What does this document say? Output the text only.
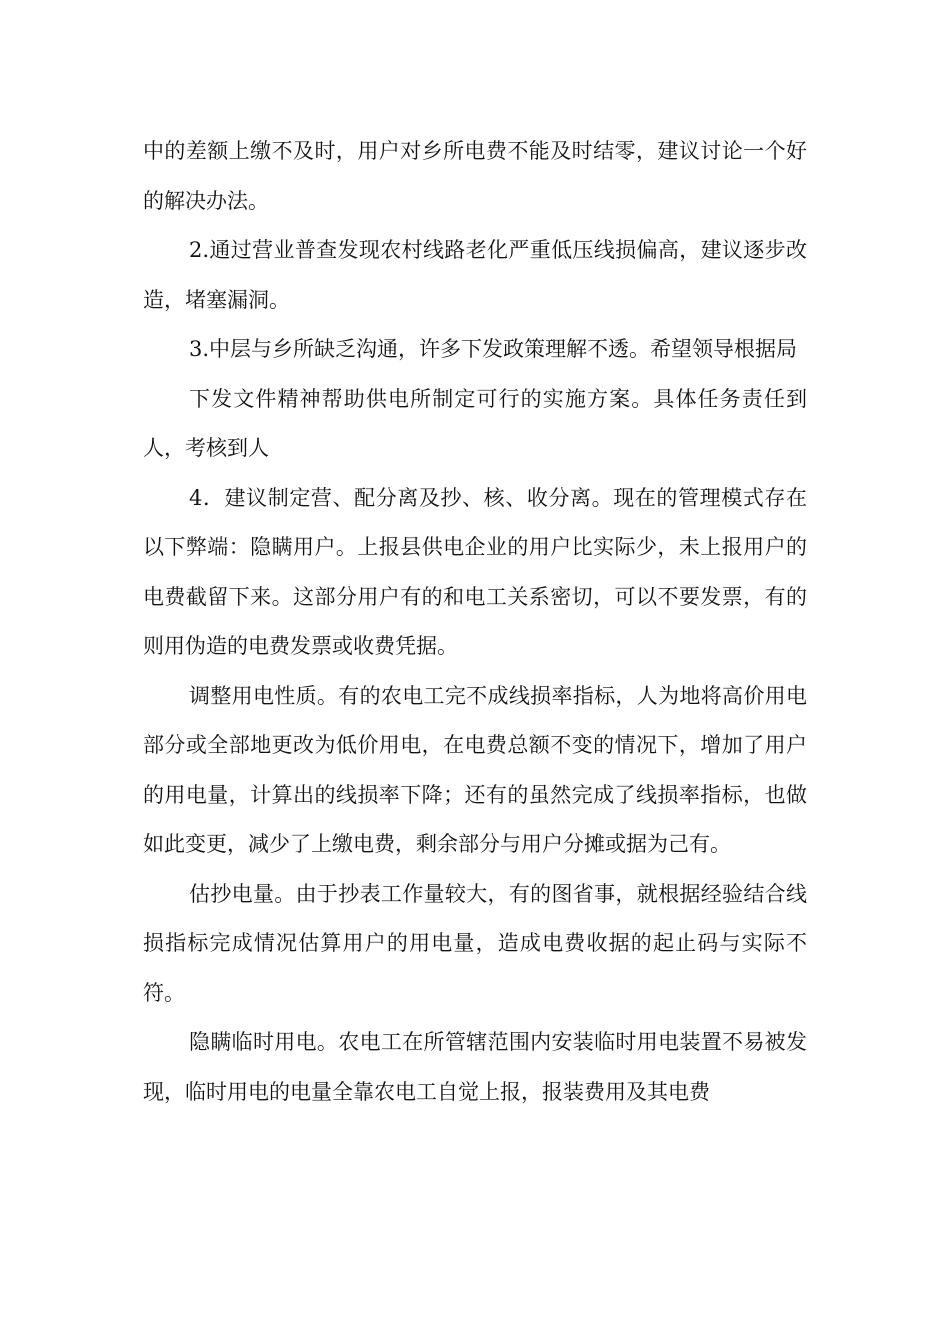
中的差额上缴不及时，用户对乡所电费不能及时结零，建议讨论一个好的解决办法。

2.通过营业普查发现农村线路老化严重低压线损偏高，建议逐步改造，堵塞漏洞。

3.中层与乡所缺乏沟通，许多下发政策理解不透。希望领导根据局

下发文件精神帮助供电所制定可行的实施方案。具体任务责任到人，考核到人

4．建议制定营、配分离及抄、核、收分离。现在的管理模式存在以下弊端：隐瞒用户。上报县供电企业的用户比实际少，未上报用户的电费截留下来。这部分用户有的和电工关系密切，可以不要发票，有的则用伪造的电费发票或收费凭据。

调整用电性质。有的农电工完不成线损率指标，人为地将高价用电部分或全部地更改为低价用电，在电费总额不变的情况下，增加了用户的用电量，计算出的线损率下降；还有的虽然完成了线损率指标，也做如此变更，减少了上缴电费，剩余部分与用户分摊或据为己有。

估抄电量。由于抄表工作量较大，有的图省事，就根据经验结合线损指标完成情况估算用户的用电量，造成电费收据的起止码与实际不符。

隐瞒临时用电。农电工在所管辖范围内安装临时用电装置不易被发现，临时用电的电量全靠农电工自觉上报，报装费用及其电费
